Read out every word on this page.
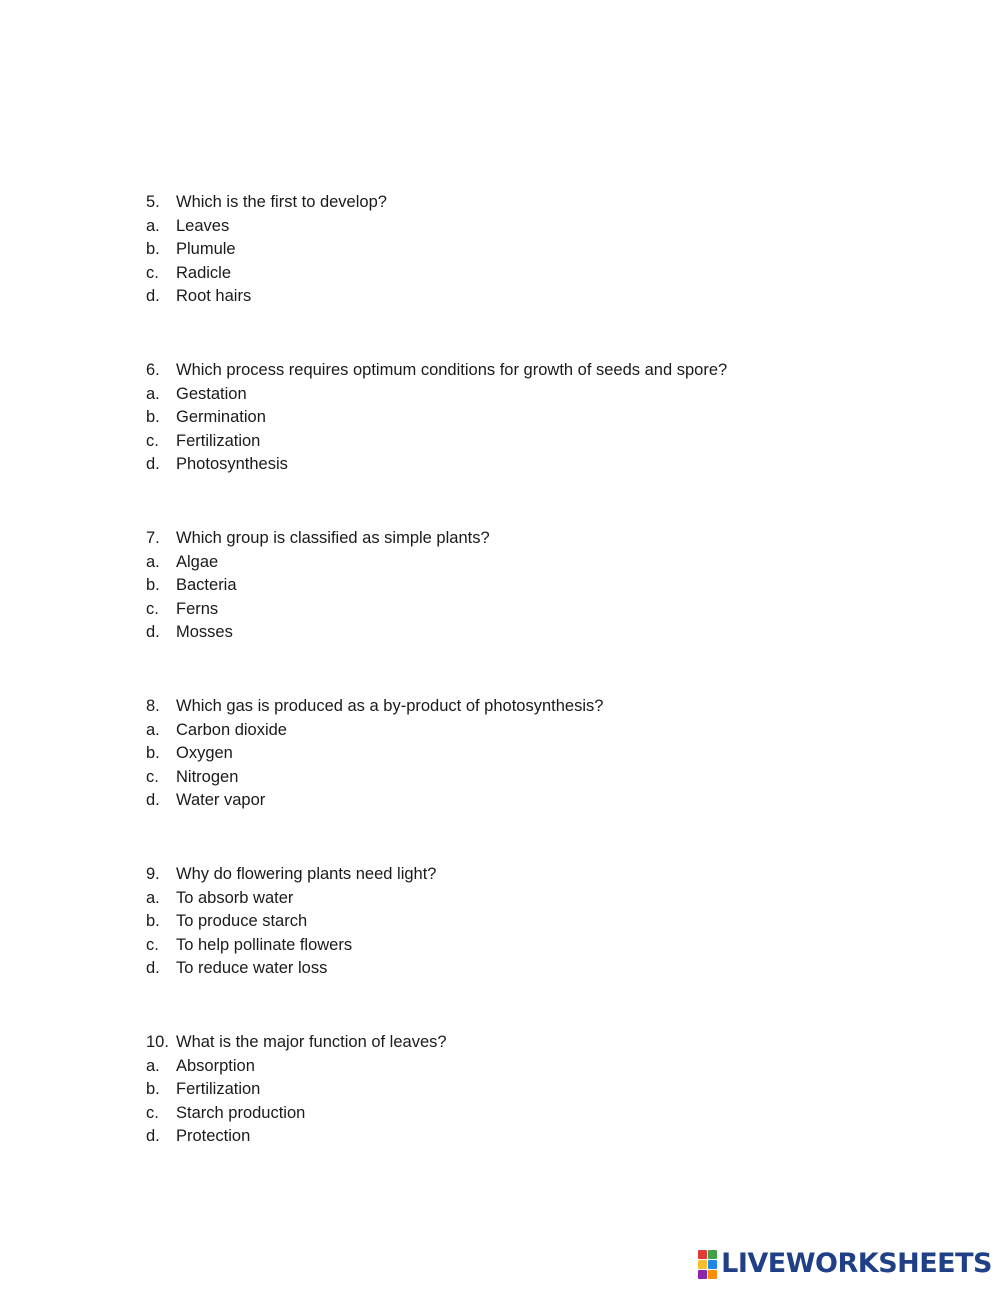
5. Which is the first to develop?
a. Leaves
b. Plumule
c.	Radicle
d. Root hairs
6. Which process requires optimum conditions for growth of seeds and spore?
a. Gestation
b. Germination
c.	Fertilization
d. Photosynthesis
7. Which group is classified as simple plants?
a. Algae
b. Bacteria
c.	Ferns
d. Mosses
8. Which gas is produced as a by-product of photosynthesis?
a. Carbon dioxide
b. Oxygen
c.	Nitrogen
d. Water vapor
9. Why do flowering plants need light?
a. To absorb water
b. To produce starch
c.	To help pollinate flowers
d. To reduce water loss
10. What is the major function of leaves?
a. Absorption
b. Fertilization
c.	Starch production
d. Protection
LIVEWORKSHEETS
